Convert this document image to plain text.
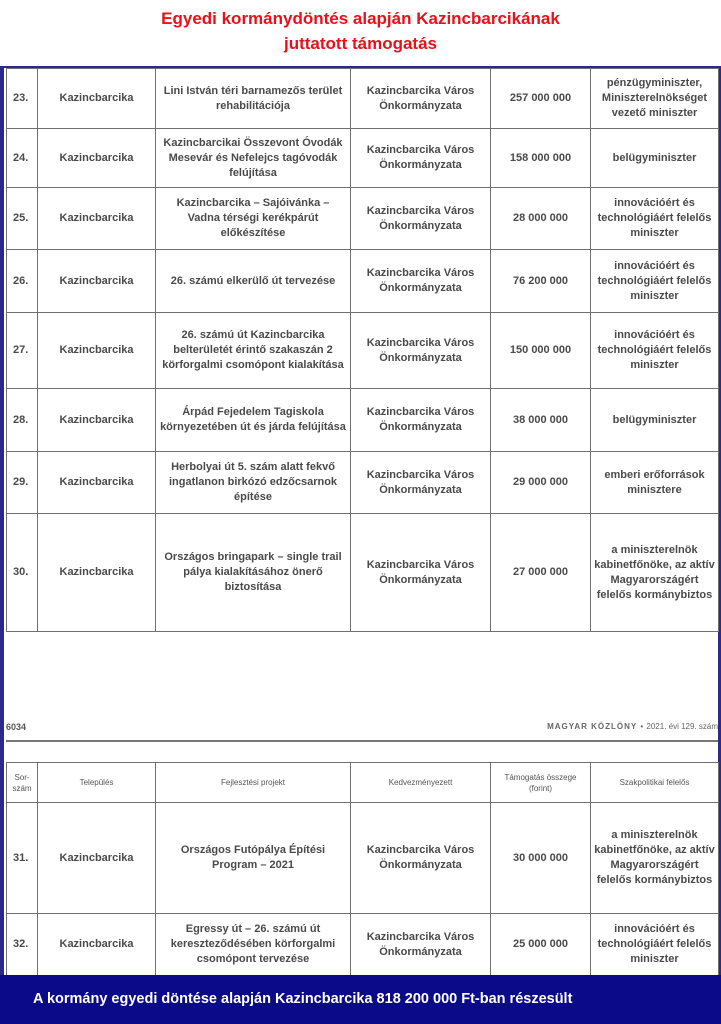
Egyedi kormánydöntés alapján Kazincbarcikának
juttatott támogatás
23.	Kazincbarcika	Lini István téri barnamezős terület rehabilitációja	Kazincbarcika Város Önkormányzata	257 000 000	pénzügyminiszter, Miniszterelnökséget vezető miniszter
24.	Kazincbarcika	Kazincbarcikai Összevont Óvodák Mesevár és Nefelejcs tagóvodák felújítása	Kazincbarcika Város Önkormányzata	158 000 000	belügyminiszter
25.	Kazincbarcika	Kazincbarcika – Sajóivánka – Vadna térségi kerékpárút előkészítése	Kazincbarcika Város Önkormányzata	28 000 000	innovációért és technológiáért felelős miniszter
26.	Kazincbarcika	26. számú elkerülő út tervezése	Kazincbarcika Város Önkormányzata	76 200 000	innovációért és technológiáért felelős miniszter
27.	Kazincbarcika	26. számú út Kazincbarcika belterületét érintő szakaszán 2 körforgalmi csomópont kialakítása	Kazincbarcika Város Önkormányzata	150 000 000	innovációért és technológiáért felelős miniszter
28.	Kazincbarcika	Árpád Fejedelem Tagiskola környezetében út és járda felújítása	Kazincbarcika Város Önkormányzata	38 000 000	belügyminiszter
29.	Kazincbarcika	Herbolyai út 5. szám alatt fekvő ingatlanon birkózó edzőcsarnok építése	Kazincbarcika Város Önkormányzata	29 000 000	emberi erőforrások minisztere
30.	Kazincbarcika	Országos bringapark – single trail pálya kialakításához önerő biztosítása	Kazincbarcika Város Önkormányzata	27 000 000	a miniszterelnök kabinetfőnöke, az aktív Magyarországért felelős kormánybiztos
6034	MAGYAR KÖZLÖNY • 2021. évi 129. szám
Sor-szám	Település	Fejlesztési projekt	Kedvezményezett	Támogatás összege (forint)	Szakpolitikai felelős
31.	Kazincbarcika	Országos Futópálya Építési Program – 2021	Kazincbarcika Város Önkormányzata	30 000 000	a miniszterelnök kabinetfőnöke, az aktív Magyarországért felelős kormánybiztos
32.	Kazincbarcika	Egressy út – 26. számú út kereszteződésében körforgalmi csomópont tervezése	Kazincbarcika Város Önkormányzata	25 000 000	innovációért és technológiáért felelős miniszter
A kormány egyedi döntése alapján Kazincbarcika 818 200 000 Ft-ban részesült
